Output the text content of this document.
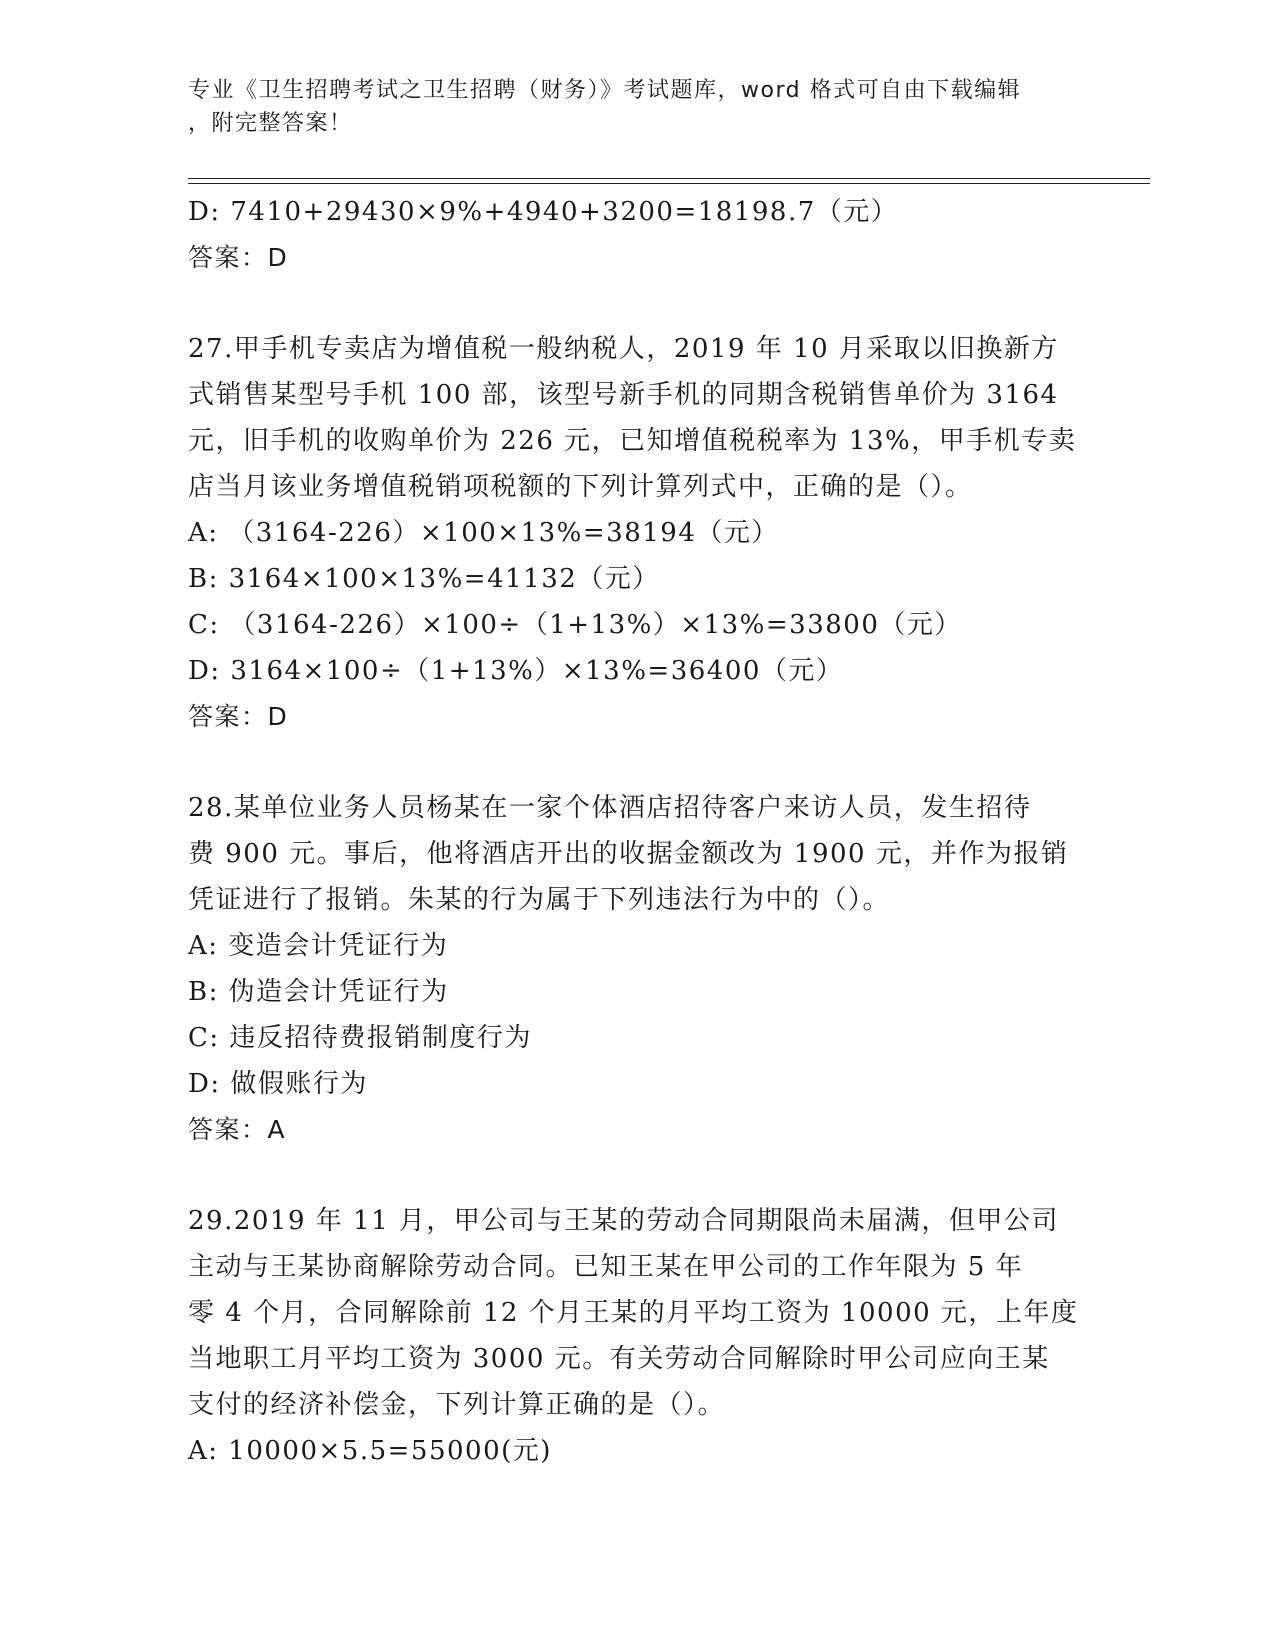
专业《卫生招聘考试之卫生招聘（财务）》考试题库，word 格式可自由下载编辑
，附完整答案！
D: 7410+29430×9%+4940+3200=18198.7（元）
答案：D
27.甲手机专卖店为增值税一般纳税人，2019 年 10 月采取以旧换新方
式销售某型号手机 100 部，该型号新手机的同期含税销售单价为 3164
元，旧手机的收购单价为 226 元，已知增值税税率为 13%，甲手机专卖
店当月该业务增值税销项税额的下列计算列式中，正确的是（）。
A: （3164-226）×100×13%=38194（元）
B: 3164×100×13%=41132（元）
C: （3164-226）×100÷（1+13%）×13%=33800（元）
D: 3164×100÷（1+13%）×13%=36400（元）
答案：D
28.某单位业务人员杨某在一家个体酒店招待客户来访人员，发生招待
费 900 元。事后，他将酒店开出的收据金额改为 1900 元，并作为报销
凭证进行了报销。朱某的行为属于下列违法行为中的（）。
A: 变造会计凭证行为
B: 伪造会计凭证行为
C: 违反招待费报销制度行为
D: 做假账行为
答案：A
29.2019 年 11 月，甲公司与王某的劳动合同期限尚未届满，但甲公司
主动与王某协商解除劳动合同。已知王某在甲公司的工作年限为 5 年
零 4 个月，合同解除前 12 个月王某的月平均工资为 10000 元，上年度
当地职工月平均工资为 3000 元。有关劳动合同解除时甲公司应向王某
支付的经济补偿金，下列计算正确的是（）。
A: 10000×5.5=55000(元)
